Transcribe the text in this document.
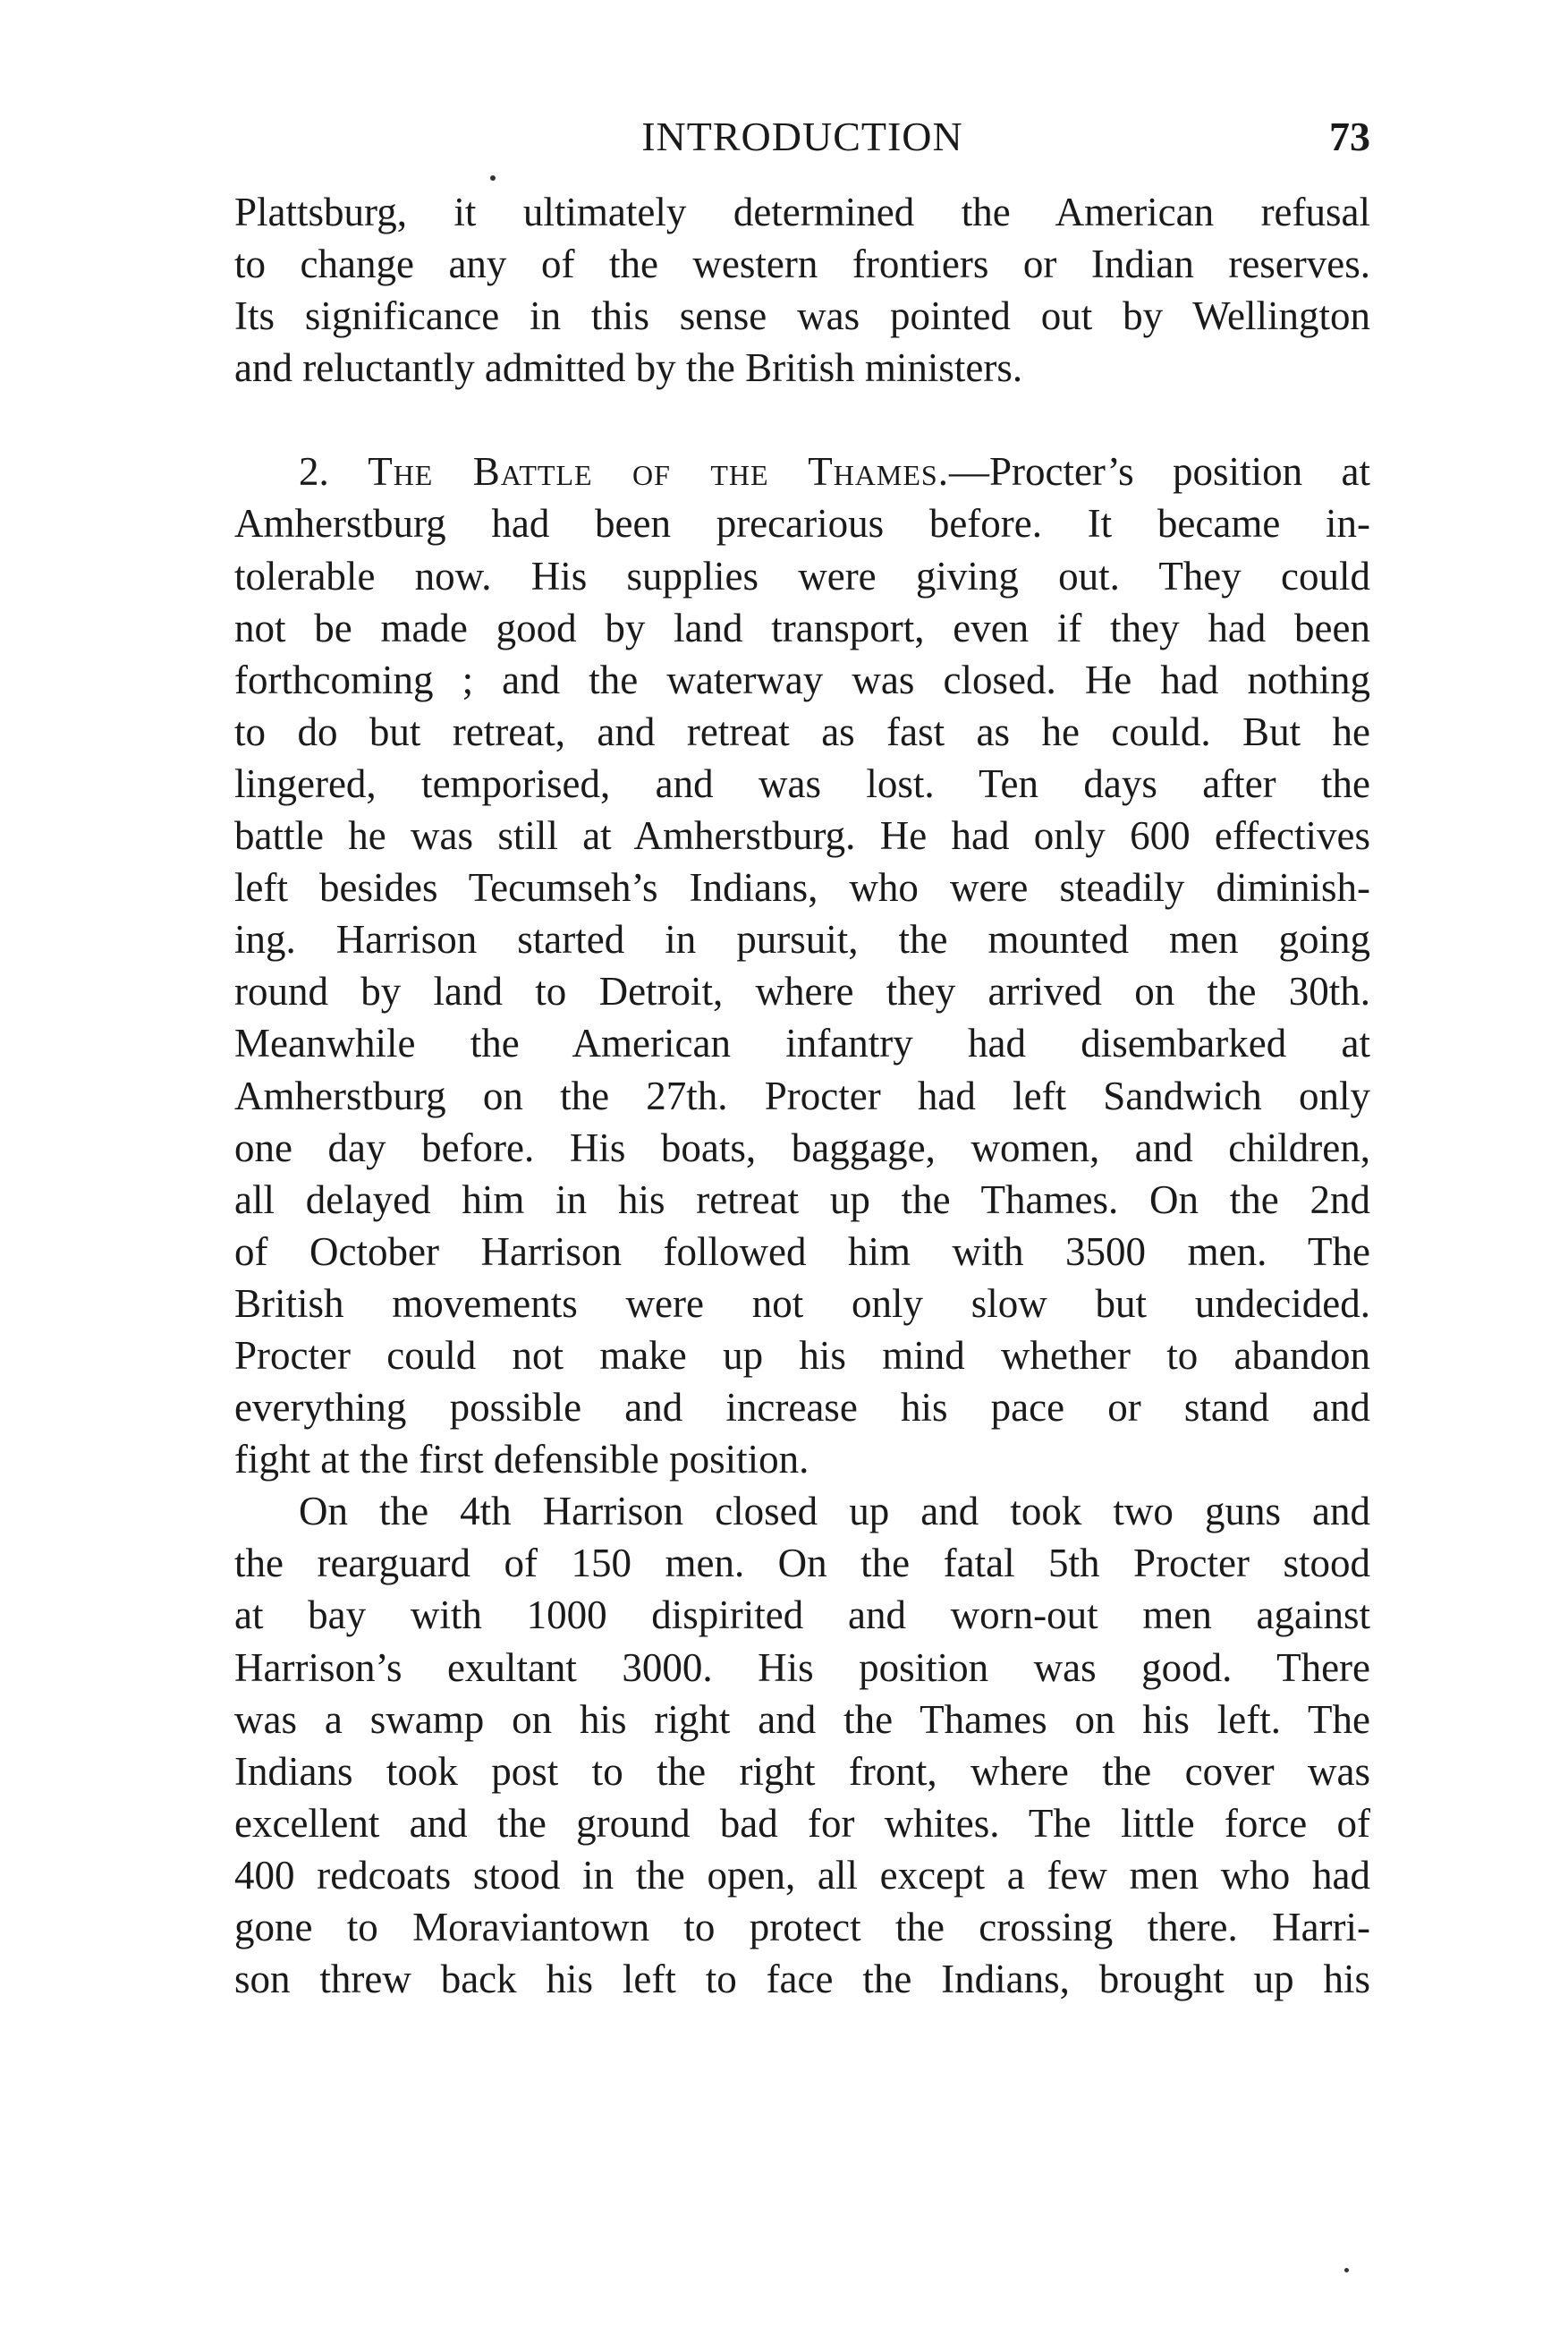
INTRODUCTION	73
Plattsburg, it ultimately determined the American refusal
to change any of the western frontiers or Indian reserves.
Its significance in this sense was pointed out by Wellington
and reluctantly admitted by the British ministers.
2. The Battle of the Thames.—Procter’s position at
Amherstburg had been precarious before. It became in-
tolerable now. His supplies were giving out. They could
not be made good by land transport, even if they had been
forthcoming ; and the waterway was closed. He had nothing
to do but retreat, and retreat as fast as he could. But he
lingered, temporised, and was lost. Ten days after the
battle he was still at Amherstburg. He had only 600 effectives
left besides Tecumseh’s Indians, who were steadily diminish-
ing. Harrison started in pursuit, the mounted men going
round by land to Detroit, where they arrived on the 30th.
Meanwhile the American infantry had disembarked at
Amherstburg on the 27th. Procter had left Sandwich only
one day before. His boats, baggage, women, and children,
all delayed him in his retreat up the Thames. On the 2nd
of October Harrison followed him with 3500 men. The
British movements were not only slow but undecided.
Procter could not make up his mind whether to abandon
everything possible and increase his pace or stand and
fight at the first defensible position.
On the 4th Harrison closed up and took two guns and
the rearguard of 150 men. On the fatal 5th Procter stood
at bay with 1000 dispirited and worn-out men against
Harrison’s exultant 3000. His position was good. There
was a swamp on his right and the Thames on his left. The
Indians took post to the right front, where the cover was
excellent and the ground bad for whites. The little force of
400 redcoats stood in the open, all except a few men who had
gone to Moraviantown to protect the crossing there. Harri-
son threw back his left to face the Indians, brought up his
